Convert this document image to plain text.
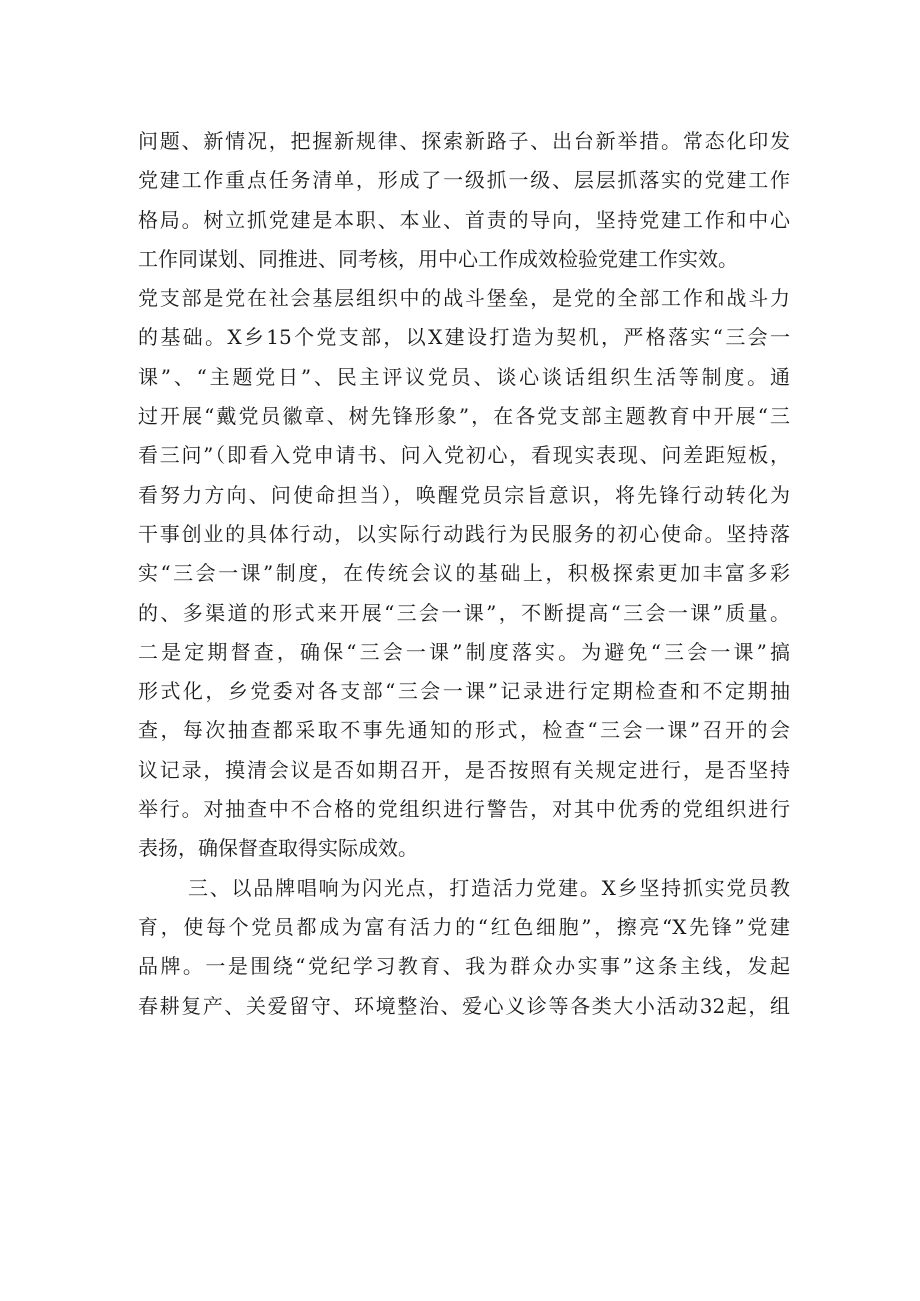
问题、新情况，把握新规律、探索新路子、出台新举措。常态化印发
党建工作重点任务清单，形成了一级抓一级、层层抓落实的党建工作
格局。树立抓党建是本职、本业、首责的导向，坚持党建工作和中心
工作同谋划、同推进、同考核，用中心工作成效检验党建工作实效。
党支部是党在社会基层组织中的战斗堡垒，是党的全部工作和战斗力
的基础。X乡15个党支部，以X建设打造为契机，严格落实“三会一
课”、“主题党日”、民主评议党员、谈心谈话组织生活等制度。通
过开展“戴党员徽章、树先锋形象”，在各党支部主题教育中开展“三
看三问”（即看入党申请书、问入党初心，看现实表现、问差距短板，
看努力方向、问使命担当），唤醒党员宗旨意识，将先锋行动转化为
干事创业的具体行动，以实际行动践行为民服务的初心使命。坚持落
实“三会一课”制度，在传统会议的基础上，积极探索更加丰富多彩
的、多渠道的形式来开展“三会一课”，不断提高“三会一课”质量。
二是定期督查，确保“三会一课”制度落实。为避免“三会一课”搞
形式化，乡党委对各支部“三会一课”记录进行定期检查和不定期抽
查，每次抽查都采取不事先通知的形式，检查“三会一课”召开的会
议记录，摸清会议是否如期召开，是否按照有关规定进行，是否坚持
举行。对抽查中不合格的党组织进行警告，对其中优秀的党组织进行
表扬，确保督查取得实际成效。
三、以品牌唱响为闪光点，打造活力党建。X乡坚持抓实党员教
育，使每个党员都成为富有活力的“红色细胞”，擦亮“X先锋”党建
品牌。一是围绕“党纪学习教育、我为群众办实事”这条主线，发起
春耕复产、关爱留守、环境整治、爱心义诊等各类大小活动32起，组
